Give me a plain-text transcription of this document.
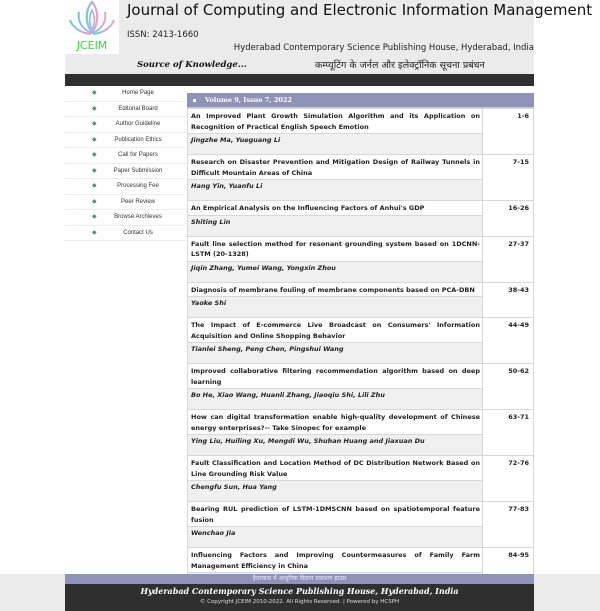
JCEIM
Journal of Computing and Electronic Information Management
ISSN: 2413-1660
Hyderabad Contemporary Science Publishing House, Hyderabad, India
Source of Knowledge...	कम्प्यूटिंग के जर्नल और इलेक्ट्रॉनिक सूचना प्रबंधन
◆	Home Page
◆	Editorial Board
◆	Author Guideline
◆	Publication Ethics
◆	Call for Papers
◆	Paper Submission
◆	Processing Fee
◆	Peer Review
◆	Browse Archieves
◆	Contact Us
Volume 9, Issue 7, 2022
An Improved Plant Growth Simulation Algorithm and its Application on Recognition of Practical English Speech Emotion
Jingzhe Ma, Yueguang Li	1-6

Research on Disaster Prevention and Mitigation Design of Railway Tunnels in Difficult Mountain Areas of China
Hang Yin, Yuanfu Li	7-15

An Empirical Analysis on the Influencing Factors of Anhui's GDP
Shiting Lin	16-26

Fault line selection method for resonant grounding system based on 1DCNN-LSTM (20-1328)
Jiqin Zhang, Yumei Wang, Yongxin Zhou	27-37

Diagnosis of membrane fouling of membrane components based on PCA-DBN
Yaoke Shi	38-43

The Impact of E-commerce Live Broadcast on Consumers' Information Acquisition and Online Shopping Behavior
Tianlei Sheng, Peng Chen, Pingshui Wang	44-49

Improved collaborative filtering recommendation algorithm based on deep learning
Bo He, Xiao Wang, Huanli Zhang, Jiaoqiu Shi, Lili Zhu	50-62

How can digital transformation enable high-quality development of Chinese energy enterprises?-- Take Sinopec for example
Ying Liu, Huiling Xu, Mengdi Wu, Shuhan Huang and Jiaxuan Du	63-71

Fault Classification and Location Method of DC Distribution Network Based on Line Grounding Risk Value
Chengfu Sun, Hua Yang	72-76

Bearing RUL prediction of LSTM-1DMSCNN based on spatiotemporal feature fusion
Wenchao Jia	77-83

Influencing Factors and Improving Countermeasures of Family Farm Management Efficiency in China	84-95
हैदराबाद में आधुनिक विज्ञान प्रकाशन हाउस
Hyderabad Contemporary Science Publishing House, Hyderabad, India
© Copyright JCEIM 2010-2022. All Rights Reserved. | Powered by HCSPH
